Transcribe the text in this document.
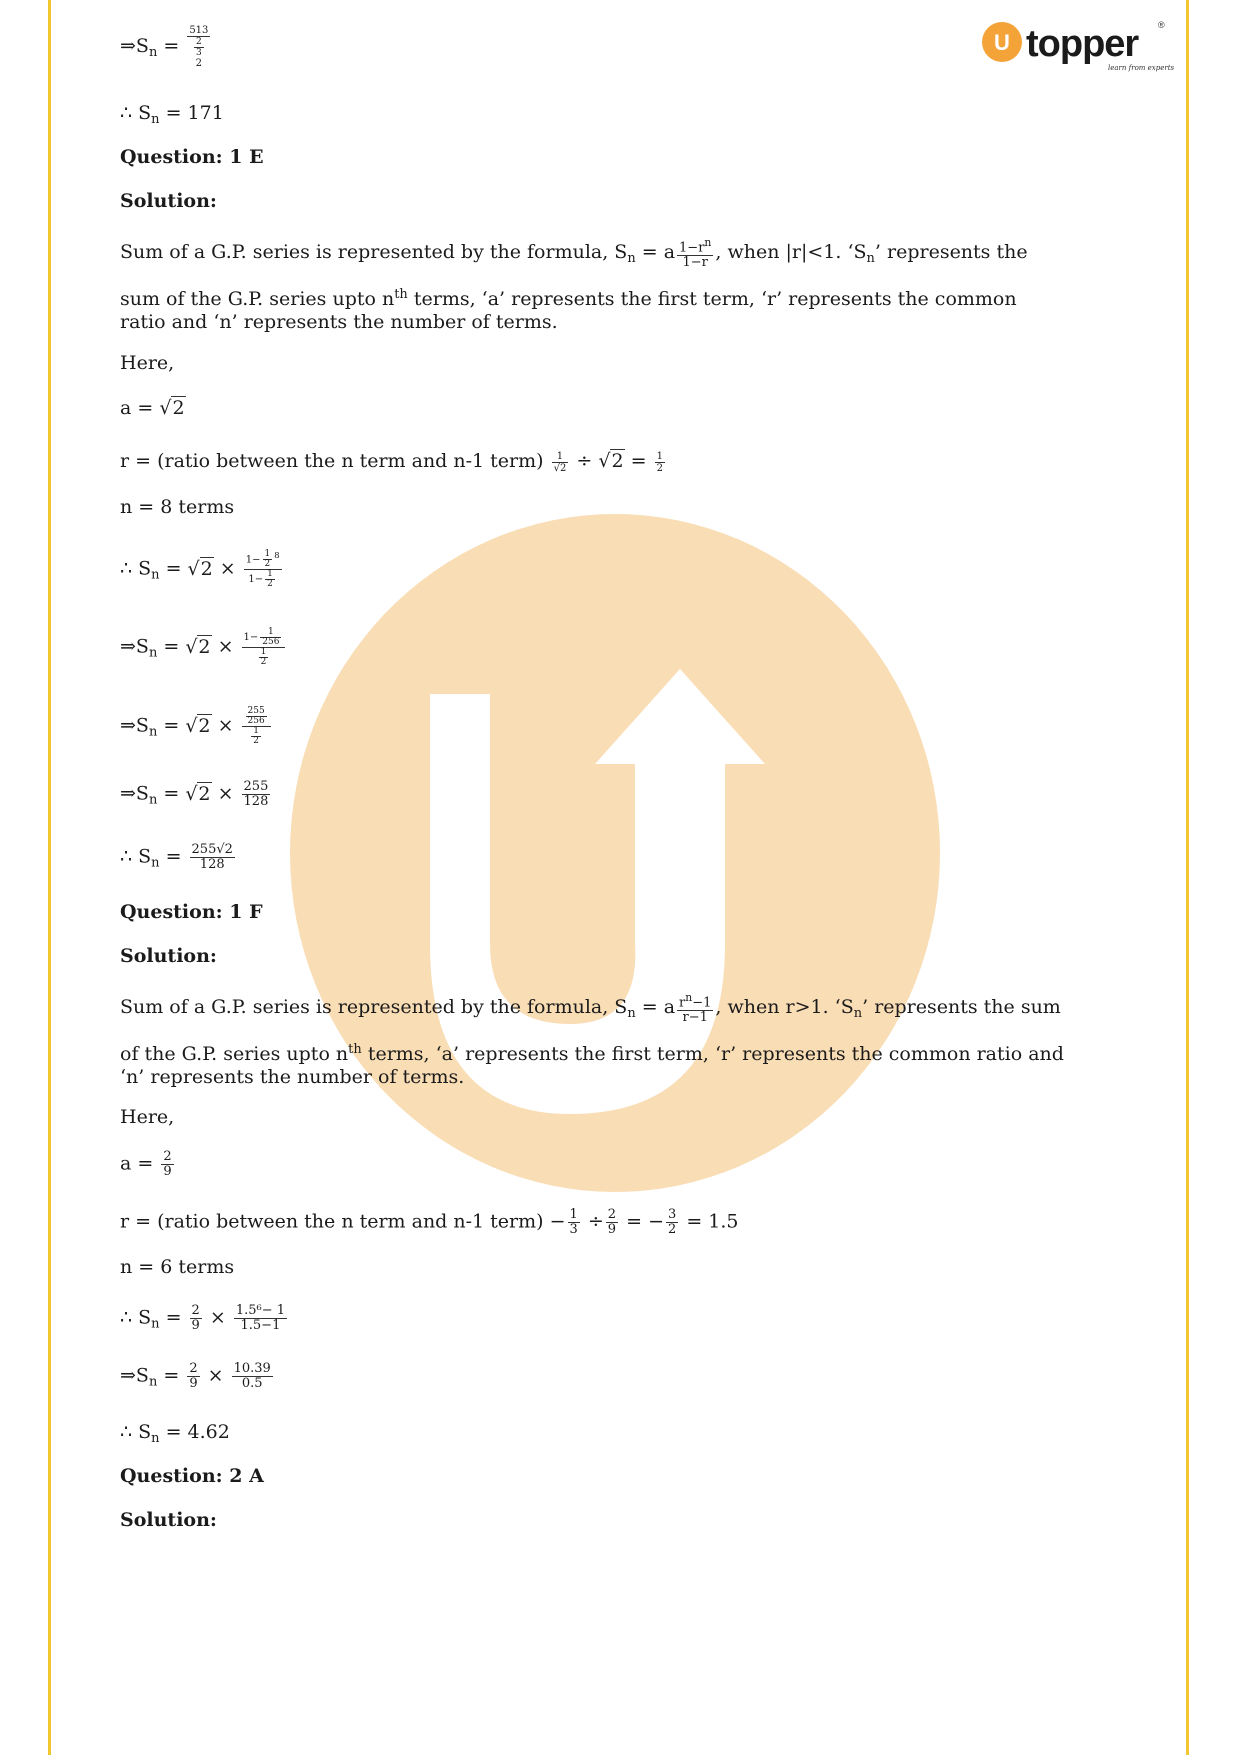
U topper ®
learn from experts
$\Rightarrow S_n$ =
513
$\frac{2}{3}$
2
∴ $S_n = 171$
Question: 1 E
Solution:
Sum of a G.P. series is represented by the formula, $S_n = a \frac{1-r^n}{1-r}$ , when |r|<1. ‘$S_n$’ represents the
sum of the G.P. series upto $n^{th}$ terms, ‘a’ represents the first term, ‘r’ represents the common
ratio and ‘n’ represents the number of terms.
Here,
a = √2
r = (ratio between the n term and n-1 term) $\frac{1}{√2} \div √2 = \frac{1}{2}$
n = 8 terms
∴ $S_n = √2 \times \frac{1- \frac{1}{2} ^8}{1- \frac{1}{2}}$
$\Rightarrow S_n = √2 \times \frac{1- \frac{1}{256}}{\frac{1}{2}}$
$\Rightarrow S_n = √2 \times \frac{\frac{255}{256}}{\frac{1}{2}}$
$\Rightarrow S_n = √2 \times \frac{255}{128}$
∴ $S_n = \frac{255√2}{128}$
Question: 1 F
Solution:
Sum of a G.P. series is represented by the formula, $S_n = a \frac{r^n-1}{r-1}$ , when r>1. ‘$S_n$’ represents the sum
of the G.P. series upto $n^{th}$ terms, ‘a’ represents the first term, ‘r’ represents the common ratio and
‘n’ represents the number of terms.
Here,
$a = \frac{2}{9}$
r = (ratio between the n term and n-1 term) − $\frac{1}{3} \div \frac{2}{9}$ = − $\frac{3}{2} = 1.5$
n = 6 terms
∴ $S_n = \frac{2}{9} \times \frac{\text{1.5⁶− 1}}{1.5-1}$
$\Rightarrow S_n = \frac{2}{9} \times \frac{10.39}{0.5}$
∴ $S_n = 4.62$
Question: 2 A
Solution:
